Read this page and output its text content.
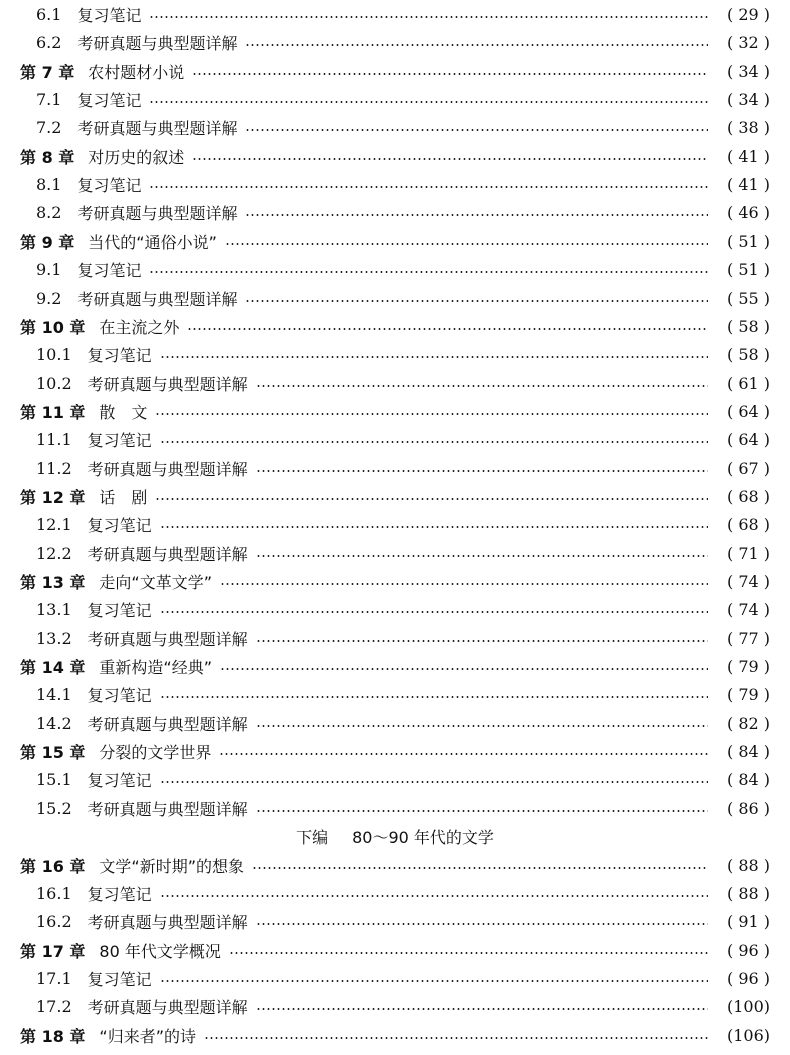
6.1 复习笔记	( 29 )
6.2 考研真题与典型题详解	( 32 )
第 7 章 农村题材小说	( 34 )
7.1 复习笔记	( 34 )
7.2 考研真题与典型题详解	( 38 )
第 8 章 对历史的叙述	( 41 )
8.1 复习笔记	( 41 )
8.2 考研真题与典型题详解	( 46 )
第 9 章 当代的“通俗小说”	( 51 )
9.1 复习笔记	( 51 )
9.2 考研真题与典型题详解	( 55 )
第 10 章 在主流之外	( 58 )
10.1 复习笔记	( 58 )
10.2 考研真题与典型题详解	( 61 )
第 11 章 散　文	( 64 )
11.1 复习笔记	( 64 )
11.2 考研真题与典型题详解	( 67 )
第 12 章 话　剧	( 68 )
12.1 复习笔记	( 68 )
12.2 考研真题与典型题详解	( 71 )
第 13 章 走向“文革文学”	( 74 )
13.1 复习笔记	( 74 )
13.2 考研真题与典型题详解	( 77 )
第 14 章 重新构造“经典”	( 79 )
14.1 复习笔记	( 79 )
14.2 考研真题与典型题详解	( 82 )
第 15 章 分裂的文学世界	( 84 )
15.1 复习笔记	( 84 )
15.2 考研真题与典型题详解	( 86 )
下编 80～90 年代的文学
第 16 章 文学“新时期”的想象	( 88 )
16.1 复习笔记	( 88 )
16.2 考研真题与典型题详解	( 91 )
第 17 章 80 年代文学概况	( 96 )
17.1 复习笔记	( 96 )
17.2 考研真题与典型题详解	(100)
第 18 章 “归来者”的诗	(106)
